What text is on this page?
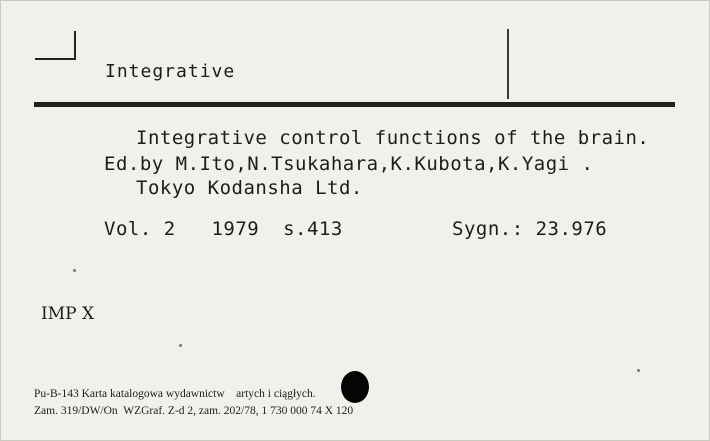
Integrative
Integrative control functions of the brain.
Ed.by M.Ito,N.Tsukahara,K.Kubota,K.Yagi .
Tokyo Kodansha Ltd.
Vol. 2   1979  s.413	Sygn.: 23.976
IMP X
Pu-B-143 Karta katalogowa wydawnictw    artych i ciągłych.
Zam. 319/DW/On  WZGraf. Z-d 2, zam. 202/78, 1 730 000 74 X 120
